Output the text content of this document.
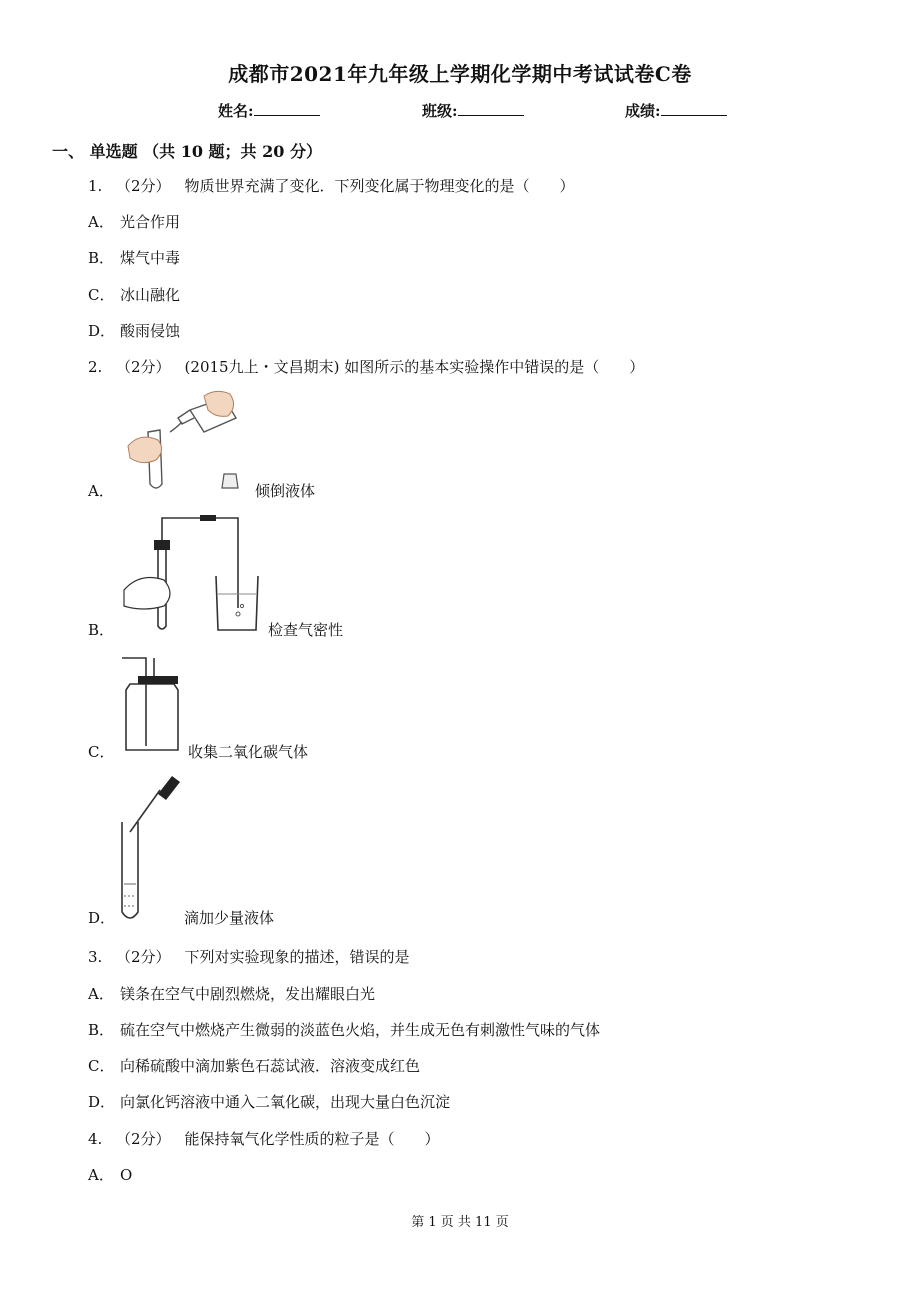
成都市2021年九年级上学期化学期中考试试卷C卷
姓名:	班级:	成绩:
一、 单选题 （共 10 题；共 20 分）
1. （2分） 物质世界充满了变化．下列变化属于物理变化的是（　　）
A． 光合作用
B． 煤气中毒
C． 冰山融化
D． 酸雨侵蚀
2. （2分） (2015九上・文昌期末) 如图所示的基本实验操作中错误的是（　　）
A．	倾倒液体
B．	检查气密性
C．	收集二氧化碳气体
D．	滴加少量液体
3. （2分） 下列对实验现象的描述，错误的是
A． 镁条在空气中剧烈燃烧，发出耀眼白光
B． 硫在空气中燃烧产生微弱的淡蓝色火焰，并生成无色有刺激性气味的气体
C． 向稀硫酸中滴加紫色石蕊试液．溶液变成红色
D． 向氯化钙溶液中通入二氧化碳，出现大量白色沉淀
4. （2分） 能保持氧气化学性质的粒子是（　　）
A． O
第 1 页 共 11 页
